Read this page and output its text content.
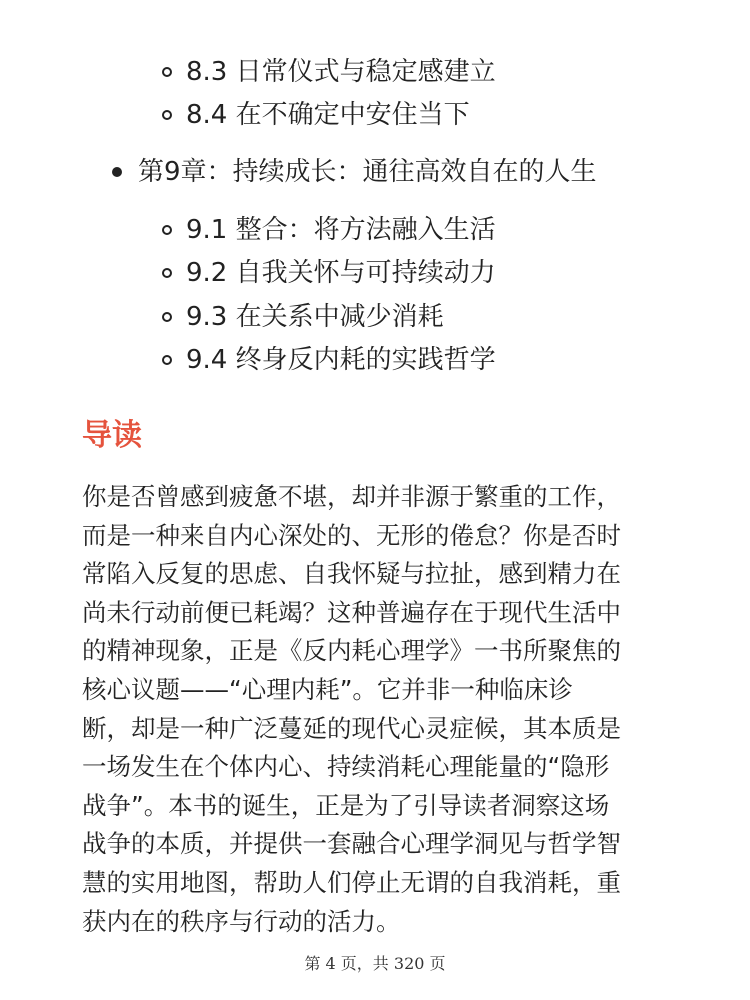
8.3 日常仪式与稳定感建立
8.4 在不确定中安住当下
第9章：持续成长：通往高效自在的人生
9.1 整合：将方法融入生活
9.2 自我关怀与可持续动力
9.3 在关系中减少消耗
9.4 终身反内耗的实践哲学
导读
你是否曾感到疲惫不堪，却并非源于繁重的工作，
而是一种来自内心深处的、无形的倦怠？你是否时
常陷入反复的思虑、自我怀疑与拉扯，感到精力在
尚未行动前便已耗竭？这种普遍存在于现代生活中
的精神现象，正是《反内耗心理学》一书所聚焦的
核心议题——“心理内耗”。它并非一种临床诊
断，却是一种广泛蔓延的现代心灵症候，其本质是
一场发生在个体内心、持续消耗心理能量的“隐形
战争”。本书的诞生，正是为了引导读者洞察这场
战争的本质，并提供一套融合心理学洞见与哲学智
慧的实用地图，帮助人们停止无谓的自我消耗，重
获内在的秩序与行动的活力。
第 4 页，共 320 页
